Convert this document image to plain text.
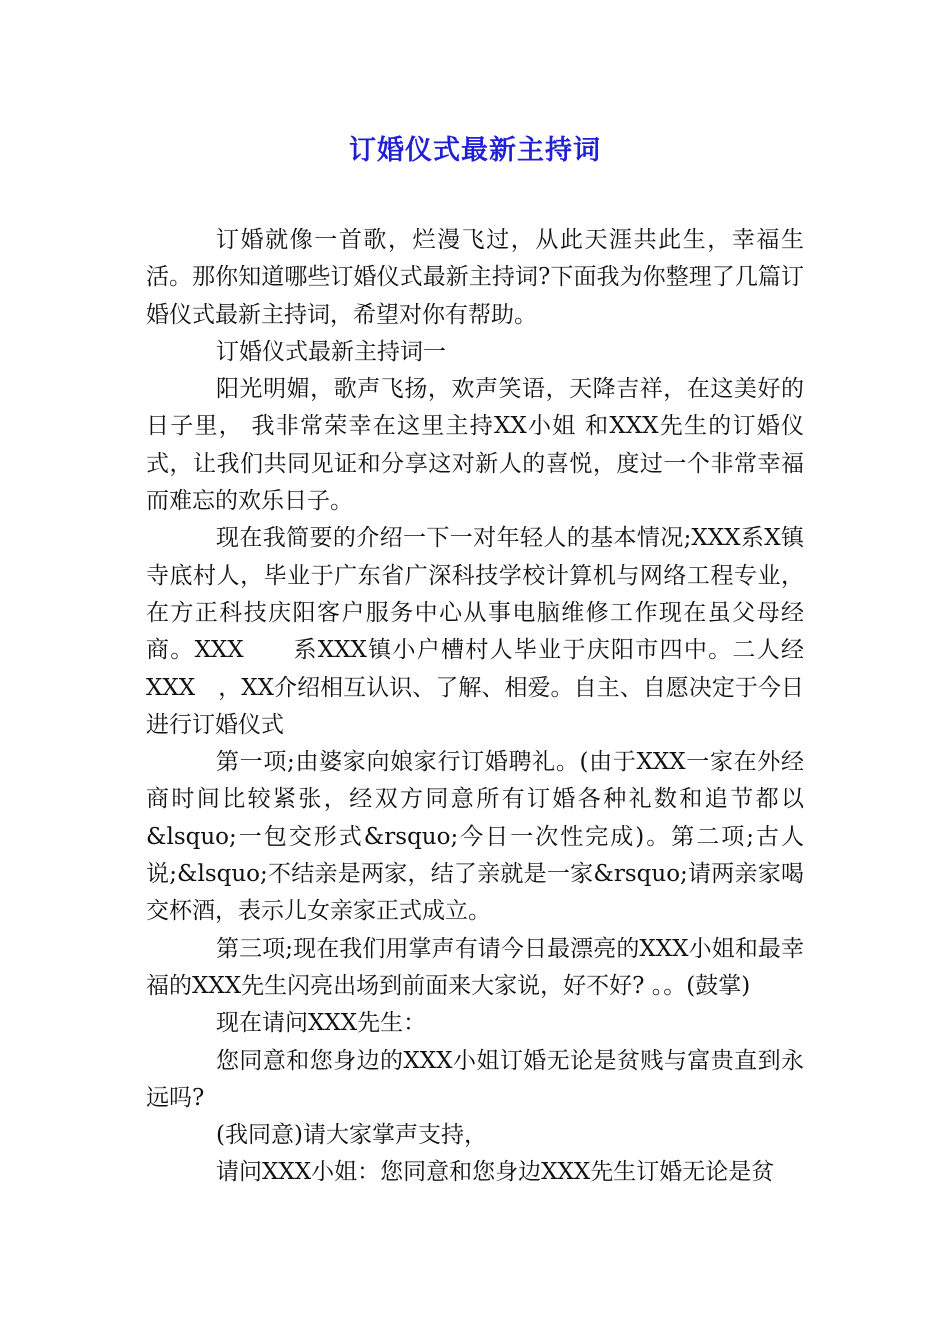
订婚仪式最新主持词

订婚就像一首歌，烂漫飞过，从此天涯共此生，幸福生活。那你知道哪些订婚仪式最新主持词?下面我为你整理了几篇订婚仪式最新主持词，希望对你有帮助。

订婚仪式最新主持词一

阳光明媚，歌声飞扬，欢声笑语，天降吉祥，在这美好的日子里， 我非常荣幸在这里主持XX小姐 和XXX先生的订婚仪式，让我们共同见证和分享这对新人的喜悦，度过一个非常幸福而难忘的欢乐日子。

现在我简要的介绍一下一对年轻人的基本情况;XXX系X镇寺底村人，毕业于广东省广深科技学校计算机与网络工程专业，在方正科技庆阳客户服务中心从事电脑维修工作现在虽父母经商。XXX　　系XXX镇小户槽村人毕业于庆阳市四中。二人经XXX　，XX介绍相互认识、了解、相爱。自主、自愿决定于今日进行订婚仪式

第一项;由婆家向娘家行订婚聘礼。(由于XXX一家在外经商时间比较紧张，经双方同意所有订婚各种礼数和追节都以&lsquo;一包交形式&rsquo;今日一次性完成)。第二项;古人说;&lsquo;不结亲是两家，结了亲就是一家&rsquo;请两亲家喝交杯酒，表示儿女亲家正式成立。

第三项;现在我们用掌声有请今日最漂亮的XXX小姐和最幸福的XXX先生闪亮出场到前面来大家说，好不好? 。。(鼓掌)

现在请问XXX先生：

您同意和您身边的XXX小姐订婚无论是贫贱与富贵直到永远吗?

(我同意)请大家掌声支持，

请问XXX小姐：您同意和您身边XXX先生订婚无论是贫
